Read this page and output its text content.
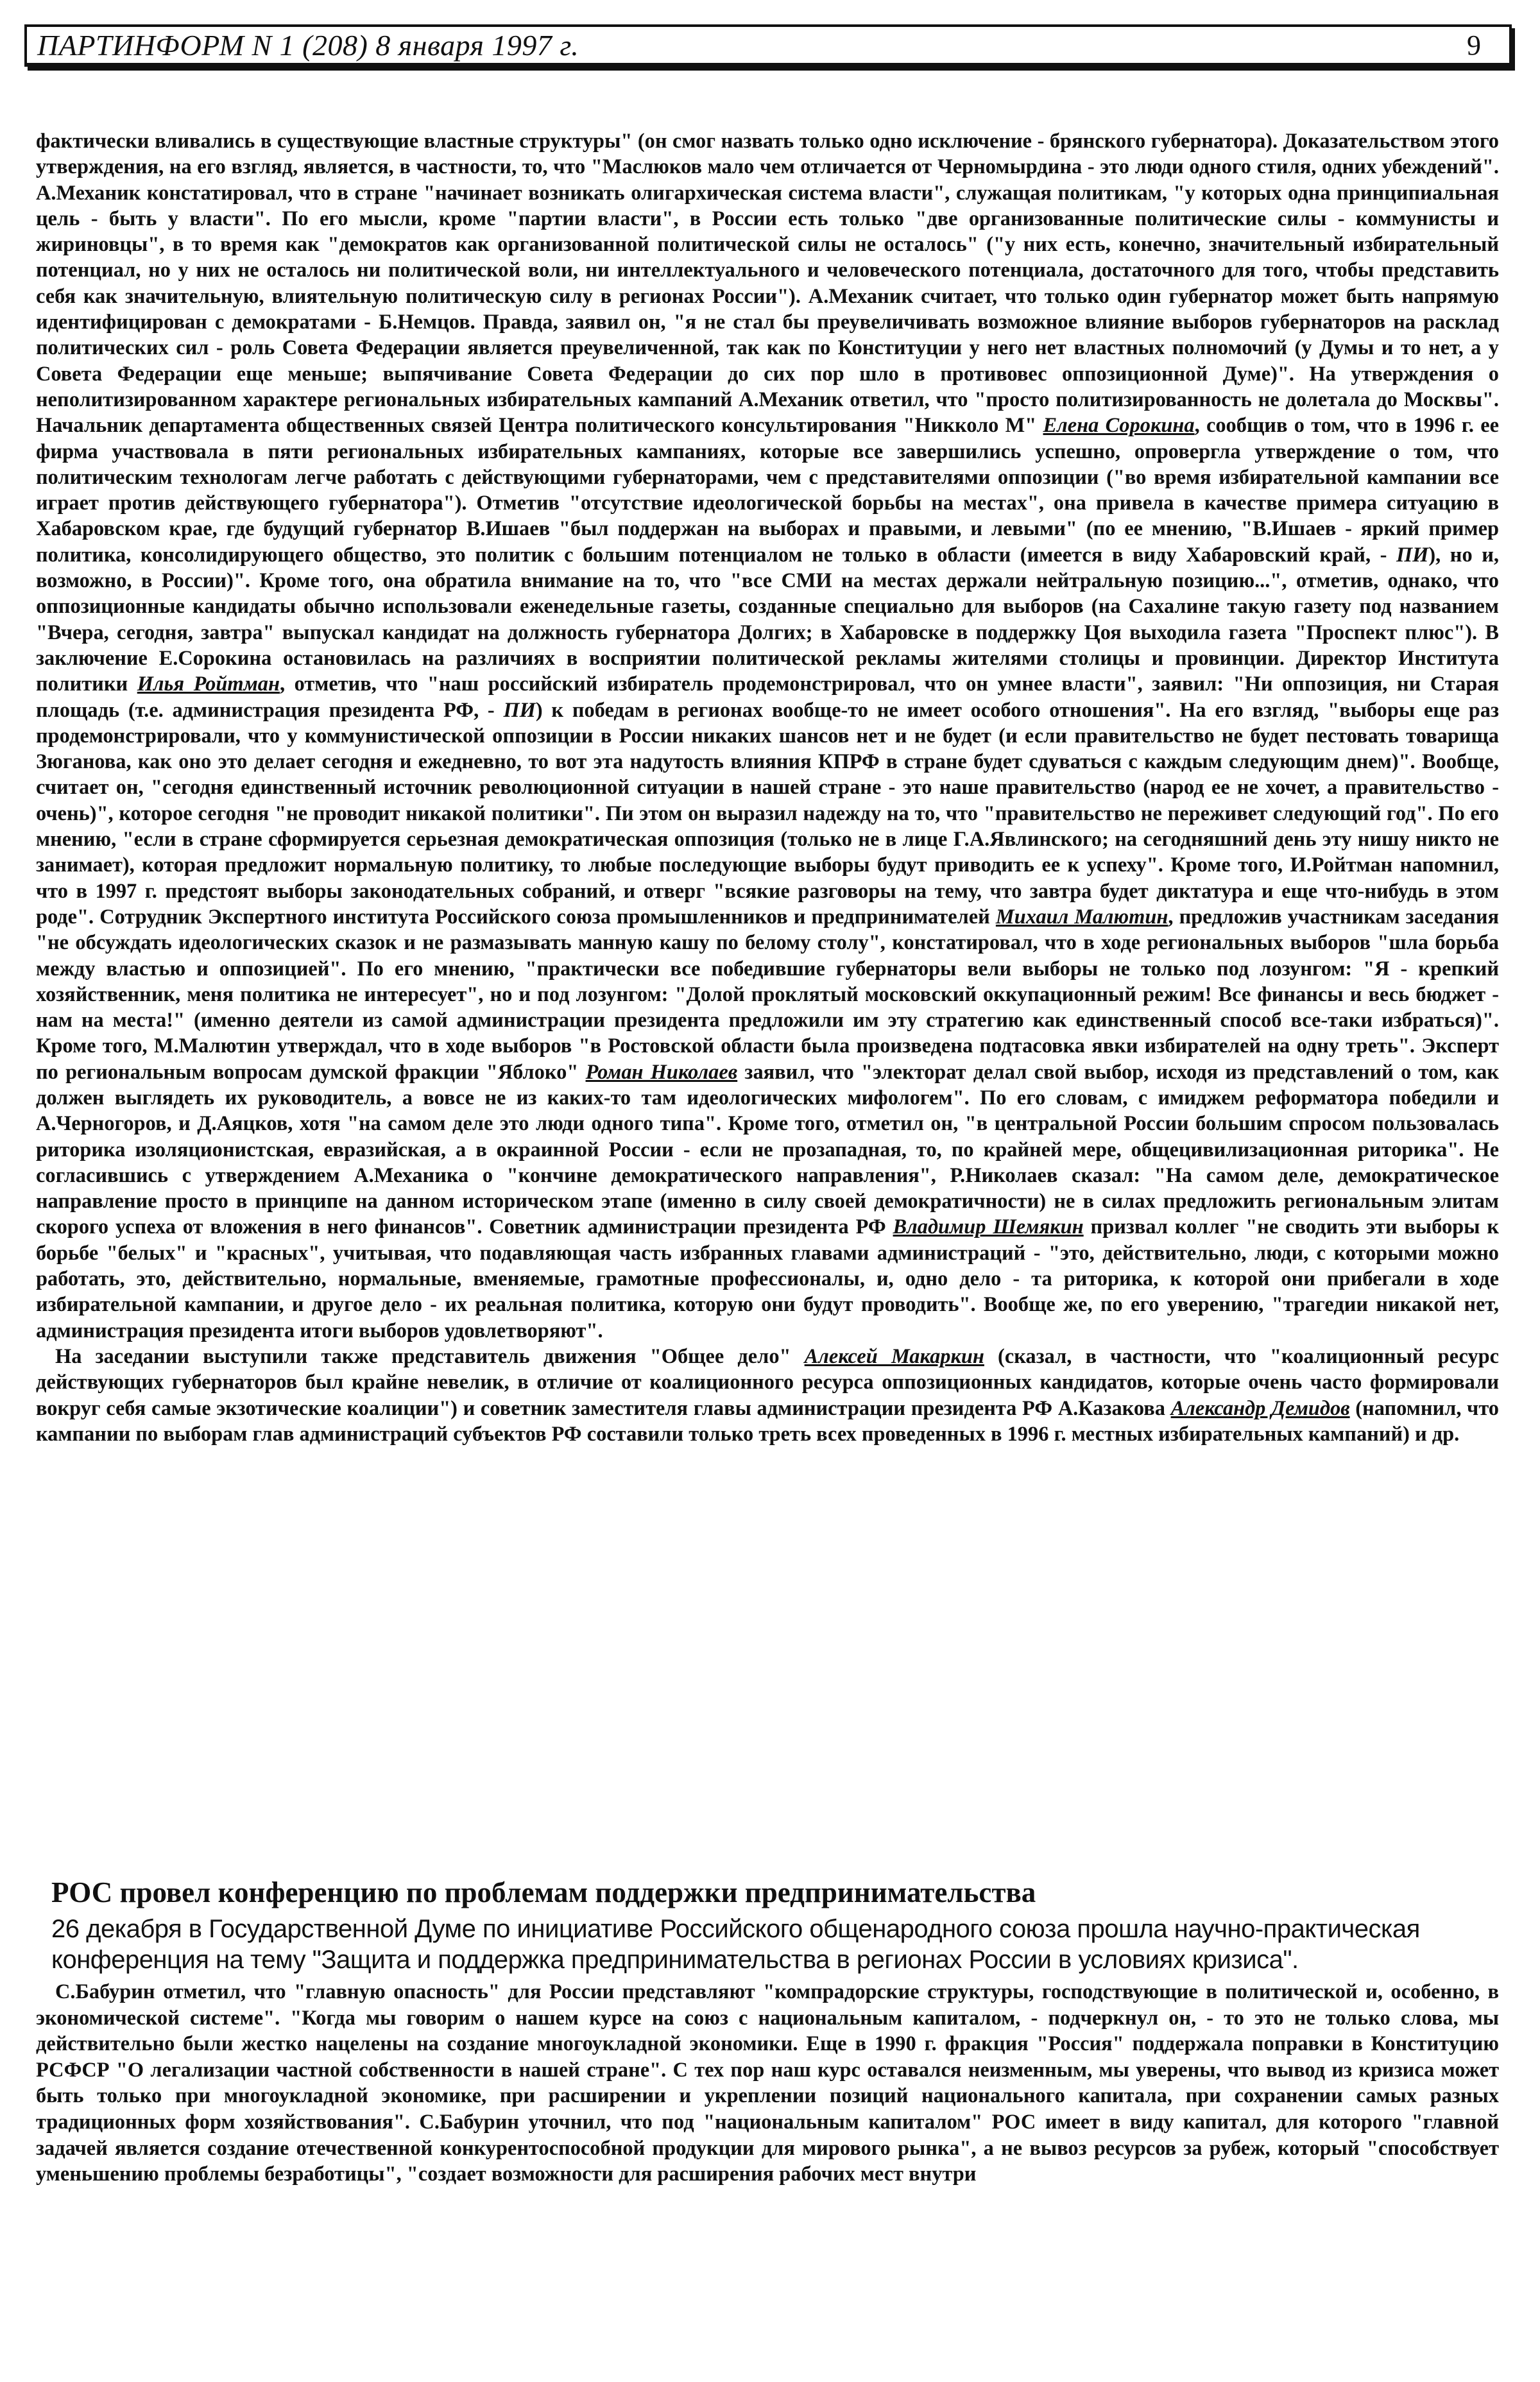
ПАРТИНФОРМ N 1 (208) 8 января 1997 г.	9

фактически вливались в существующие властные структуры" (он смог назвать только одно исключение - брянского губернатора). Доказательством этого утверждения, на его взгляд, является, в частности, то, что "Маслюков мало чем отличается от Черномырдина - это люди одного стиля, одних убеждений". А.Механик констатировал, что в стране "начинает возникать олигархическая система власти", служащая политикам, "у которых одна принципиальная цель - быть у власти". По его мысли, кроме "партии власти", в России есть только "две организованные политические силы - коммунисты и жириновцы", в то время как "демократов как организованной политической силы не осталось" ("у них есть, конечно, значительный избирательный потенциал, но у них не осталось ни политической воли, ни интеллектуального и человеческого потенциала, достаточного для того, чтобы представить себя как значительную, влиятельную политическую силу в регионах России"). А.Механик считает, что только один губернатор может быть напрямую идентифицирован с демократами - Б.Немцов. Правда, заявил он, "я не стал бы преувеличивать возможное влияние выборов губернаторов на расклад политических сил - роль Совета Федерации является преувеличенной, так как по Конституции у него нет властных полномочий (у Думы и то нет, а у Совета Федерации еще меньше; выпячивание Совета Федерации до сих пор шло в противовес оппозиционной Думе)". На утверждения о неполитизированном характере региональных избирательных кампаний А.Механик ответил, что "просто политизированность не долетала до Москвы". Начальник департамента общественных связей Центра политического консультирования "Никколо М" Елена Сорокина, сообщив о том, что в 1996 г. ее фирма участвовала в пяти региональных избирательных кампаниях, которые все завершились успешно, опровергла утверждение о том, что политическим технологам легче работать с действующими губернаторами, чем с представителями оппозиции ("во время избирательной кампании все играет против действующего губернатора"). Отметив "отсутствие идеологической борьбы на местах", она привела в качестве примера ситуацию в Хабаровском крае, где будущий губернатор В.Ишаев "был поддержан на выборах и правыми, и левыми" (по ее мнению, "В.Ишаев - яркий пример политика, консолидирующего общество, это политик с большим потенциалом не только в области (имеется в виду Хабаровский край, - ПИ), но и, возможно, в России)". Кроме того, она обратила внимание на то, что "все СМИ на местах держали нейтральную позицию...", отметив, однако, что оппозиционные кандидаты обычно использовали еженедельные газеты, созданные специально для выборов (на Сахалине такую газету под названием "Вчера, сегодня, завтра" выпускал кандидат на должность губернатора Долгих; в Хабаровске в поддержку Цоя выходила газета "Проспект плюс"). В заключение Е.Сорокина остановилась на различиях в восприятии политической рекламы жителями столицы и провинции. Директор Института политики Илья Ройтман, отметив, что "наш российский избиратель продемонстрировал, что он умнее власти", заявил: "Ни оппозиция, ни Старая площадь (т.е. администрация президента РФ, - ПИ) к победам в регионах вообще-то не имеет особого отношения". На его взгляд, "выборы еще раз продемонстрировали, что у коммунистической оппозиции в России никаких шансов нет и не будет (и если правительство не будет пестовать товарища Зюганова, как оно это делает сегодня и ежедневно, то вот эта надутость влияния КПРФ в стране будет сдуваться с каждым следующим днем)". Вообще, считает он, "сегодня единственный источник революционной ситуации в нашей стране - это наше правительство (народ ее не хочет, а правительство - очень)", которое сегодня "не проводит никакой политики". Пи этом он выразил надежду на то, что "правительство не переживет следующий год". По его мнению, "если в стране сформируется серьезная демократическая оппозиция (только не в лице Г.А.Явлинского; на сегодняшний день эту нишу никто не занимает), которая предложит нормальную политику, то любые последующие выборы будут приводить ее к успеху". Кроме того, И.Ройтман напомнил, что в 1997 г. предстоят выборы законодательных собраний, и отверг "всякие разговоры на тему, что завтра будет диктатура и еще что-нибудь в этом роде". Сотрудник Экспертного института Российского союза промышленников и предпринимателей Михаил Малютин, предложив участникам заседания "не обсуждать идеологических сказок и не размазывать манную кашу по белому столу", констатировал, что в ходе региональных выборов "шла борьба между властью и оппозицией". По его мнению, "практически все победившие губернаторы вели выборы не только под лозунгом: "Я - крепкий хозяйственник, меня политика не интересует", но и под лозунгом: "Долой проклятый московский оккупационный режим! Все финансы и весь бюджет - нам на места!" (именно деятели из самой администрации президента предложили им эту стратегию как единственный способ все-таки избраться)". Кроме того, М.Малютин утверждал, что в ходе выборов "в Ростовской области была произведена подтасовка явки избирателей на одну треть". Эксперт по региональным вопросам думской фракции "Яблоко" Роман Николаев заявил, что "электорат делал свой выбор, исходя из представлений о том, как должен выглядеть их руководитель, а вовсе не из каких-то там идеологических мифологем". По его словам, с имиджем реформатора победили и А.Черногоров, и Д.Аяцков, хотя "на самом деле это люди одного типа". Кроме того, отметил он, "в центральной России большим спросом пользовалась риторика изоляционистская, евразийская, а в окраинной России - если не прозападная, то, по крайней мере, общецивилизационная риторика". Не согласившись с утверждением А.Механика о "кончине демократического направления", Р.Николаев сказал: "На самом деле, демократическое направление просто в принципе на данном историческом этапе (именно в силу своей демократичности) не в силах предложить региональным элитам скорого успеха от вложения в него финансов". Советник администрации президента РФ Владимир Шемякин призвал коллег "не сводить эти выборы к борьбе "белых" и "красных", учитывая, что подавляющая часть избранных главами администраций - "это, действительно, люди, с которыми можно работать, это, действительно, нормальные, вменяемые, грамотные профессионалы, и, одно дело - та риторика, к которой они прибегали в ходе избирательной кампании, и другое дело - их реальная политика, которую они будут проводить". Вообще же, по его уверению, "трагедии никакой нет, администрация президента итоги выборов удовлетворяют".

На заседании выступили также представитель движения "Общее дело" Алексей Макаркин (сказал, в частности, что "коалиционный ресурс действующих губернаторов был крайне невелик, в отличие от коалиционного ресурса оппозиционных кандидатов, которые очень часто формировали вокруг себя самые экзотические коалиции") и советник заместителя главы администрации президента РФ А.Казакова Александр Демидов (напомнил, что кампании по выборам глав администраций субъектов РФ составили только треть всех проведенных в 1996 г. местных избирательных кампаний) и др.

РОС провел конференцию по проблемам поддержки предпринимательства

26 декабря в Государственной Думе по инициативе Российского общенародного союза прошла научно-практическая конференция на тему "Защита и поддержка предпринимательства в регионах России в условиях кризиса".

С.Бабурин отметил, что "главную опасность" для России представляют "компрадорские структуры, господствующие в политической и, особенно, в экономической системе". "Когда мы говорим о нашем курсе на союз с национальным капиталом, - подчеркнул он, - то это не только слова, мы действительно были жестко нацелены на создание многоукладной экономики. Еще в 1990 г. фракция "Россия" поддержала поправки в Конституцию РСФСР "О легализации частной собственности в нашей стране". С тех пор наш курс оставался неизменным, мы уверены, что вывод из кризиса может быть только при многоукладной экономике, при расширении и укреплении позиций национального капитала, при сохранении самых разных традиционных форм хозяйствования". С.Бабурин уточнил, что под "национальным капиталом" РОС имеет в виду капитал, для которого "главной задачей является создание отечественной конкурентоспособной продукции для мирового рынка", а не вывоз ресурсов за рубеж, который "способствует уменьшению проблемы безработицы", "создает возможности для расширения рабочих мест внутри
